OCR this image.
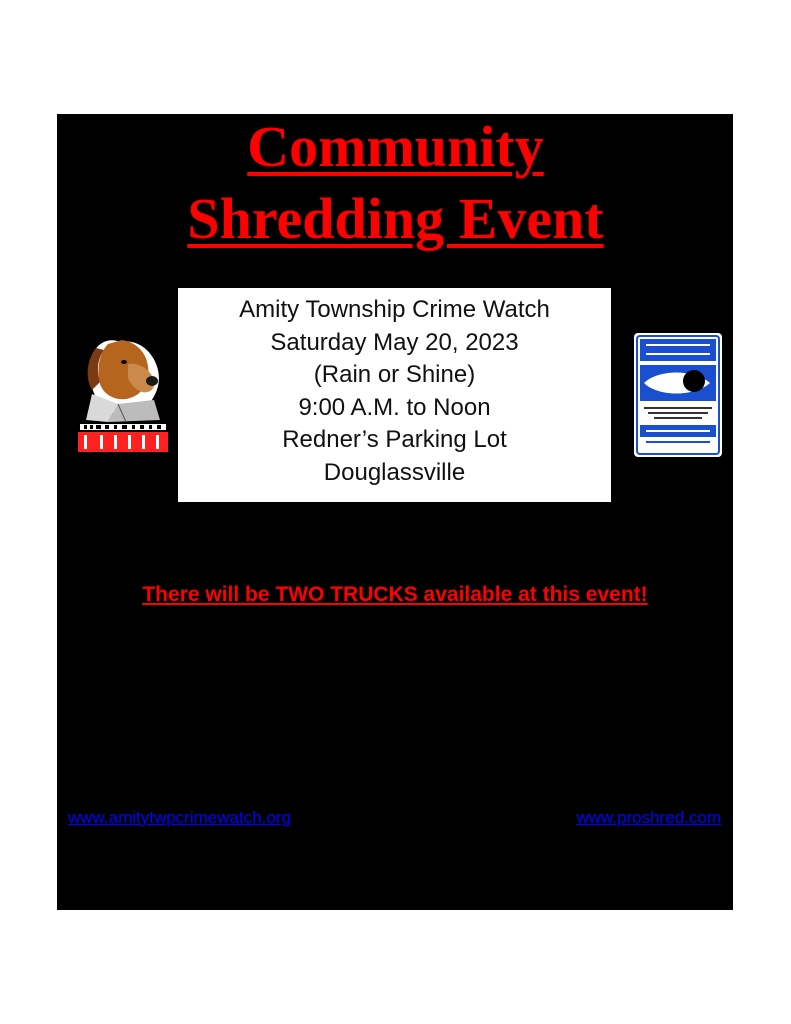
Community
Shredding Event
Amity Township Crime Watch
Saturday May 20, 2023
(Rain or Shine)
9:00 A.M. to Noon
Redner’s Parking Lot
Douglassville
There will be TWO TRUCKS available at this event!
www.amitytwpcrimewatch.org	www.proshred.com
